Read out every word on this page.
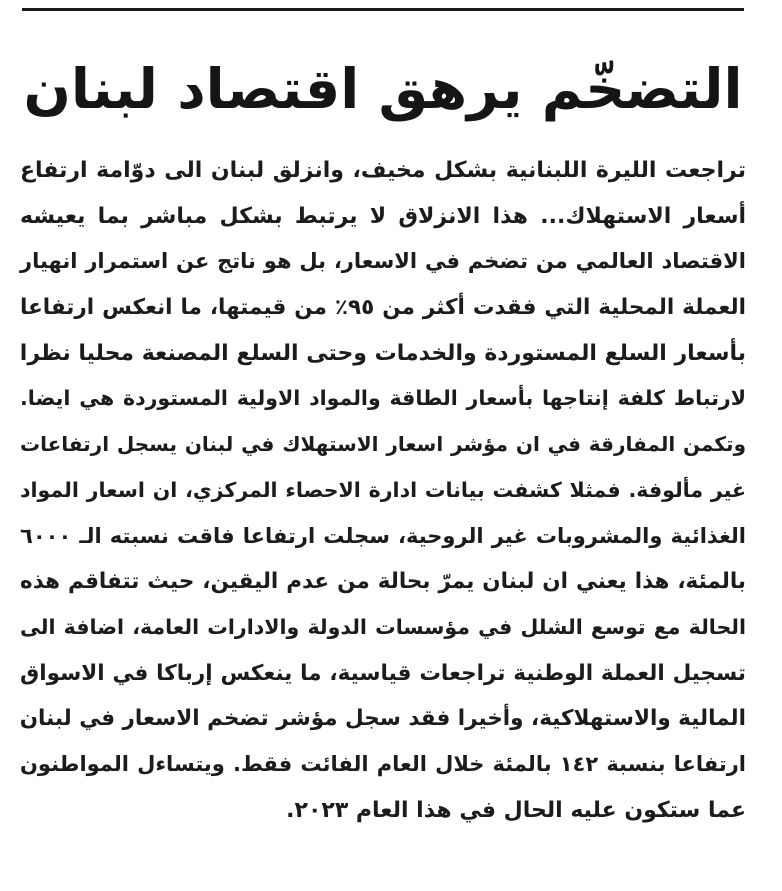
التضخّم يرهق اقتصاد لبنان
تراجعت الليرة اللبنانية بشكل مخيف، وانزلق لبنان الى دوّامة ارتفاع
أسعار الاستهلاك... هذا الانزلاق لا يرتبط بشكل مباشر بما يعيشه
الاقتصاد العالمي من تضخم في الاسعار، بل هو ناتج عن استمرار انهيار
العملة المحلية التي فقدت أكثر من ٩٥٪ من قيمتها، ما انعكس ارتفاعا
بأسعار السلع المستوردة والخدمات وحتى السلع المصنعة محليا نظرا
لارتباط كلفة إنتاجها بأسعار الطاقة والمواد الاولية المستوردة هي ايضا.
وتكمن المفارقة في ان مؤشر اسعار الاستهلاك في لبنان يسجل ارتفاعات
غير مألوفة. فمثلا كشفت بيانات ادارة الاحصاء المركزي، ان اسعار المواد
الغذائية والمشروبات غير الروحية، سجلت ارتفاعا فاقت نسبته الـ ٦٠٠٠
بالمئة، هذا يعني ان لبنان يمرّ بحالة من عدم اليقين، حيث تتفاقم هذه
الحالة مع توسع الشلل في مؤسسات الدولة والادارات العامة، اضافة الى
تسجيل العملة الوطنية تراجعات قياسية، ما ينعكس إرباكا في الاسواق
المالية والاستهلاكية، وأخيرا فقد سجل مؤشر تضخم الاسعار في لبنان
ارتفاعا بنسبة ١٤٢ بالمئة خلال العام الفائت فقط. ويتساءل المواطنون
عما ستكون عليه الحال في هذا العام ٢٠٢٣.
